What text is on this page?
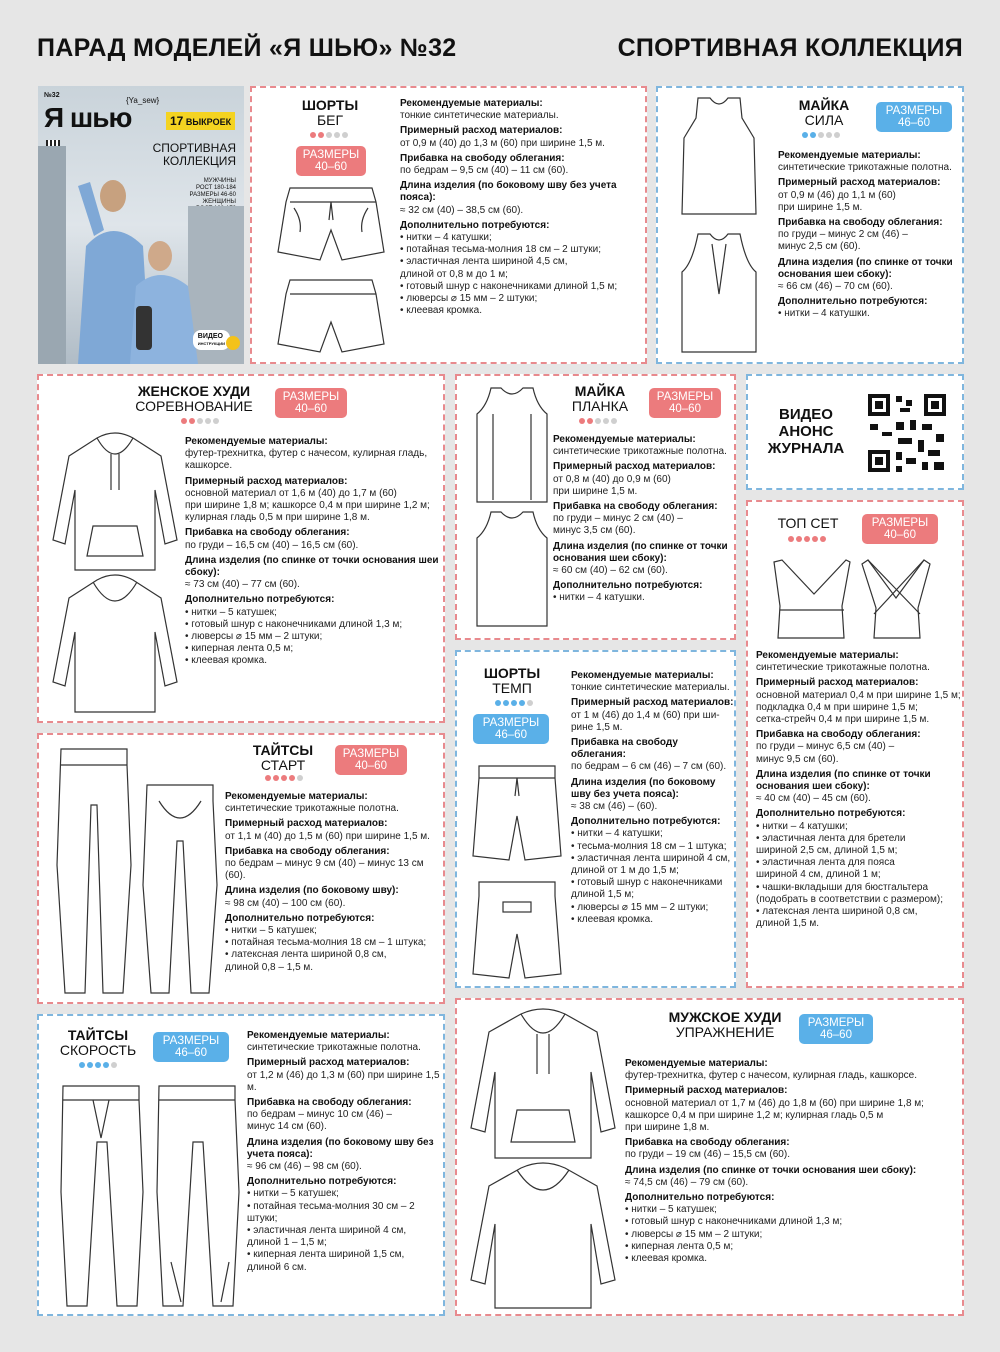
ПАРАД МОДЕЛЕЙ «Я ШЬЮ» №32	СПОРТИВНАЯ КОЛЛЕКЦИЯ
№32
{Ya_sew}
Я шью	17 ВЫКРОЕК
СПОРТИВНАЯ
КОЛЛЕКЦИЯ
МУЖЧИНЫ
РОСТ 180-184
РАЗМЕРЫ 46-60
ЖЕНЩИНЫ
ВИДЕО
ИНСТРУКЦИИ
ШОРТЫ
БЕГ
РАЗМЕРЫ
40–60
Рекомендуемые материалы:
тонкие синтетические материалы.
Примерный расход материалов:
от 0,9 м (40) до 1,3 м (60) при ширине 1,5 м.
Прибавка на свободу облегания:
по бедрам – 9,5 см (40) – 11 см (60).
Длина изделия (по боковому шву без учета пояса):
≈ 32 см (40) – 38,5 см (60).
Дополнительно потребуются:
• нитки – 4 катушки;
• потайная тесьма-молния 18 см – 2 штуки;
• эластичная лента шириной 4,5 см,
длиной от 0,8 м до 1 м;
• готовый шнур с наконечниками длиной 1,5 м;
• люверсы ⌀ 15 мм – 2 штуки;
• клеевая кромка.
МАЙКА
СИЛА
РАЗМЕРЫ
46–60
Рекомендуемые материалы:
синтетические трикотажные полотна.
Примерный расход материалов:
от 0,9 м (46) до 1,1 м (60)
при ширине 1,5 м.
Прибавка на свободу облегания:
по груди – минус 2 см (46) –
минус 2,5 см (60).
Длина изделия (по спинке от точки основания шеи сбоку):
≈ 66 см (46) – 70 см (60).
Дополнительно потребуются:
• нитки – 4 катушки.
ЖЕНСКОЕ ХУДИ
СОРЕВНОВАНИЕ
РАЗМЕРЫ
40–60
Рекомендуемые материалы:
футер-трехнитка, футер с начесом, кулирная гладь,
кашкорсе.
Примерный расход материалов:
основной материал от 1,6 м (40) до 1,7 м (60)
при ширине 1,8 м; кашкорсе 0,4 м при ширине 1,2 м;
кулирная гладь 0,5 м при ширине 1,8 м.
Прибавка на свободу облегания:
по груди – 16,5 см (40) – 16,5 см (60).
Длина изделия (по спинке от точки основания шеи сбоку):
≈ 73 см (40) – 77 см (60).
Дополнительно потребуются:
• нитки – 5 катушек;
• готовый шнур с наконечниками длиной 1,3 м;
• люверсы ⌀ 15 мм – 2 штуки;
• киперная лента 0,5 м;
• клеевая кромка.
МАЙКА
ПЛАНКА
РАЗМЕРЫ
40–60
Рекомендуемые материалы:
синтетические трикотажные полотна.
Примерный расход материалов:
от 0,8 м (40) до 0,9 м (60)
при ширине 1,5 м.
Прибавка на свободу облегания:
по груди – минус 2 см (40) –
минус 3,5 см (60).
Длина изделия (по спинке от точки основания шеи сбоку):
≈ 60 см (40) – 62 см (60).
Дополнительно потребуются:
• нитки – 4 катушки.
ВИДЕО
АНОНС
ЖУРНАЛА
ТОП СЕТ	РАЗМЕРЫ
40–60
Рекомендуемые материалы:
синтетические трикотажные полотна.
Примерный расход материалов:
основной материал 0,4 м при ширине 1,5 м;
подкладка 0,4 м при ширине 1,5 м;
сетка-стрейч 0,4 м при ширине 1,5 м.
Прибавка на свободу облегания:
по груди – минус 6,5 см (40) –
минус 9,5 см (60).
Длина изделия (по спинке от точки основания шеи сбоку):
≈ 40 см (40) – 45 см (60).
Дополнительно потребуются:
• нитки – 4 катушки;
• эластичная лента для бретели
шириной 2,5 см, длиной 1,5 м;
• эластичная лента для пояса
шириной 4 см, длиной 1 м;
• чашки-вкладыши для бюстгальтера
(подобрать в соответствии с размером);
• латексная лента шириной 0,8 см,
длиной 1,5 м.
ТАЙТСЫ
СТАРТ
РАЗМЕРЫ
40–60
Рекомендуемые материалы:
синтетические трикотажные полотна.
Примерный расход материалов:
от 1,1 м (40) до 1,5 м (60) при ширине 1,5 м.
Прибавка на свободу облегания:
по бедрам – минус 9 см (40) – минус 13 см (60).
Длина изделия (по боковому шву):
≈ 98 см (40) – 100 см (60).
Дополнительно потребуются:
• нитки – 5 катушек;
• потайная тесьма-молния 18 см – 1 штука;
• латексная лента шириной 0,8 см,
длиной 0,8 – 1,5 м.
ШОРТЫ
ТЕМП
РАЗМЕРЫ
46–60
Рекомендуемые материалы:
тонкие синтетические материалы.
Примерный расход материалов:
от 1 м (46) до 1,4 м (60) при ши-
рине 1,5 м.
Прибавка на свободу облегания:
по бедрам – 6 см (46) – 7 см (60).
Длина изделия (по боковому шву без учета пояса):
≈ 38 см (46) – (60).
Дополнительно потребуются:
• нитки – 4 катушки;
• тесьма-молния 18 см – 1 штука;
• эластичная лента шириной 4 см,
длиной от 1 м до 1,5 м;
• готовый шнур с наконечниками
длиной 1,5 м;
• люверсы ⌀ 15 мм – 2 штуки;
• клеевая кромка.
ТАЙТСЫ
СКОРОСТЬ
РАЗМЕРЫ
46–60
Рекомендуемые материалы:
синтетические трикотажные полотна.
Примерный расход материалов:
от 1,2 м (46) до 1,3 м (60) при ширине 1,5 м.
Прибавка на свободу облегания:
по бедрам – минус 10 см (46) –
минус 14 см (60).
Длина изделия (по боковому шву без учета пояса):
≈ 96 см (46) – 98 см (60).
Дополнительно потребуются:
• нитки – 5 катушек;
• потайная тесьма-молния 30 см – 2 штуки;
• эластичная лента шириной 4 см,
длиной 1 – 1,5 м;
• киперная лента шириной 1,5 см,
длиной 6 см.
МУЖСКОЕ ХУДИ
УПРАЖНЕНИЕ
РАЗМЕРЫ
46–60
Рекомендуемые материалы:
футер-трехнитка, футер с начесом, кулирная гладь, кашкорсе.
Примерный расход материалов:
основной материал от 1,7 м (46) до 1,8 м (60) при ширине 1,8 м;
кашкорсе 0,4 м при ширине 1,2 м; кулирная гладь 0,5 м
при ширине 1,8 м.
Прибавка на свободу облегания:
по груди – 19 см (46) – 15,5 см (60).
Длина изделия (по спинке от точки основания шеи сбоку):
≈ 74,5 см (46) – 79 см (60).
Дополнительно потребуются:
• нитки – 5 катушек;
• готовый шнур с наконечниками длиной 1,3 м;
• люверсы ⌀ 15 мм – 2 штуки;
• киперная лента 0,5 м;
• клеевая кромка.
